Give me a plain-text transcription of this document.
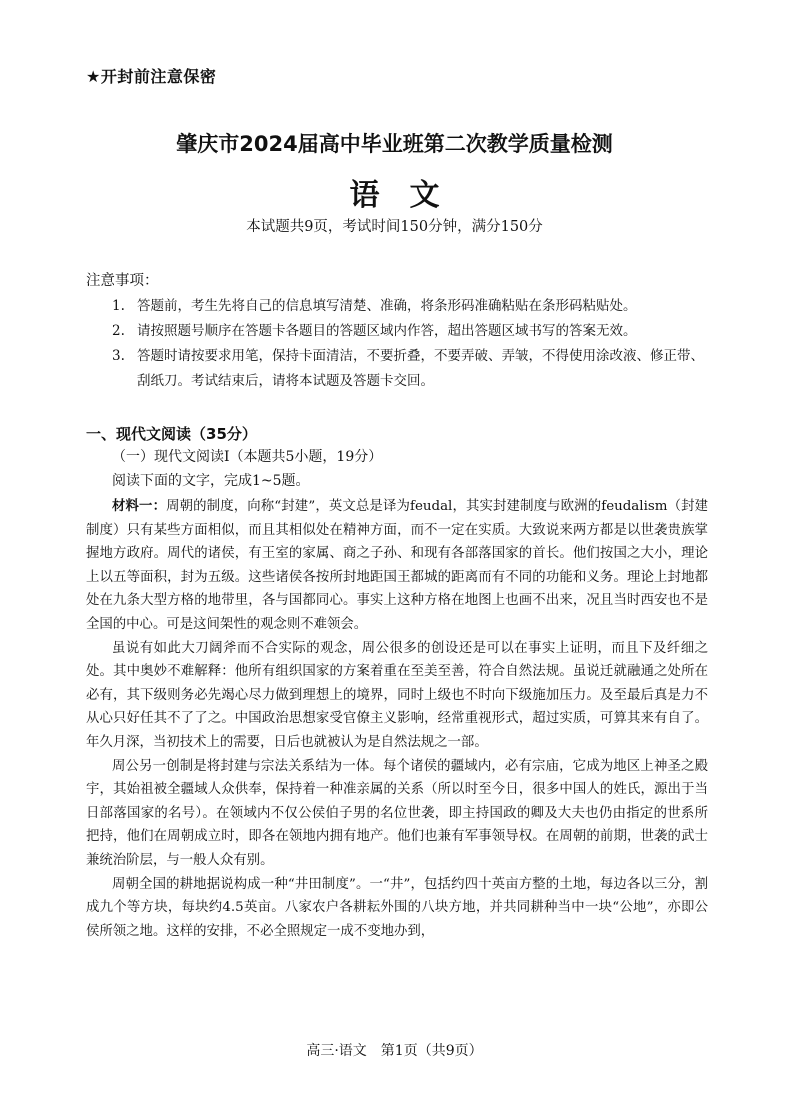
★开封前注意保密
肇庆市2024届高中毕业班第二次教学质量检测
语文
本试题共9页，考试时间150分钟，满分150分
注意事项：
1. 答题前，考生先将自己的信息填写清楚、准确，将条形码准确粘贴在条形码粘贴处。
2. 请按照题号顺序在答题卡各题目的答题区域内作答，超出答题区域书写的答案无效。
3. 答题时请按要求用笔，保持卡面清洁，不要折叠，不要弄破、弄皱，不得使用涂改液、修正带、刮纸刀。考试结束后，请将本试题及答题卡交回。
一、现代文阅读（35分）
（一）现代文阅读Ⅰ（本题共5小题，19分）
阅读下面的文字，完成1~5题。

材料一：周朝的制度，向称“封建”，英文总是译为feudal，其实封建制度与欧洲的feudalism（封建制度）只有某些方面相似，而且其相似处在精神方面，而不一定在实质。大致说来两方都是以世袭贵族掌握地方政府。周代的诸侯，有王室的家属、商之子孙、和现有各部落国家的首长。他们按国之大小，理论上以五等面积，封为五级。这些诸侯各按所封地距国王都城的距离而有不同的功能和义务。理论上封地都处在九条大型方格的地带里，各与国都同心。事实上这种方格在地图上也画不出来，况且当时西安也不是全国的中心。可是这间架性的观念则不难领会。

虽说有如此大刀阔斧而不合实际的观念，周公很多的创设还是可以在事实上证明，而且下及纤细之处。其中奥妙不难解释：他所有组织国家的方案着重在至美至善，符合自然法规。虽说迁就融通之处所在必有，其下级则务必先竭心尽力做到理想上的境界，同时上级也不时向下级施加压力。及至最后真是力不从心只好任其不了了之。中国政治思想家受官僚主义影响，经常重视形式，超过实质，可算其来有自了。年久月深，当初技术上的需要，日后也就被认为是自然法规之一部。

周公另一创制是将封建与宗法关系结为一体。每个诸侯的疆域内，必有宗庙，它成为地区上神圣之殿宇，其始祖被全疆域人众供奉，保持着一种准亲属的关系（所以时至今日，很多中国人的姓氏，源出于当日部落国家的名号）。在领域内不仅公侯伯子男的名位世袭，即主持国政的卿及大夫也仍由指定的世系所把持，他们在周朝成立时，即各在领地内拥有地产。他们也兼有军事领导权。在周朝的前期，世袭的武士兼统治阶层，与一般人众有别。

周朝全国的耕地据说构成一种“井田制度”。一“井”，包括约四十英亩方整的土地，每边各以三分，割成九个等方块，每块约4.5英亩。八家农户各耕耘外围的八块方地，并共同耕种当中一块“公地”，亦即公侯所领之地。这样的安排，不必全照规定一成不变地办到，

高三·语文　第1页（共9页）
